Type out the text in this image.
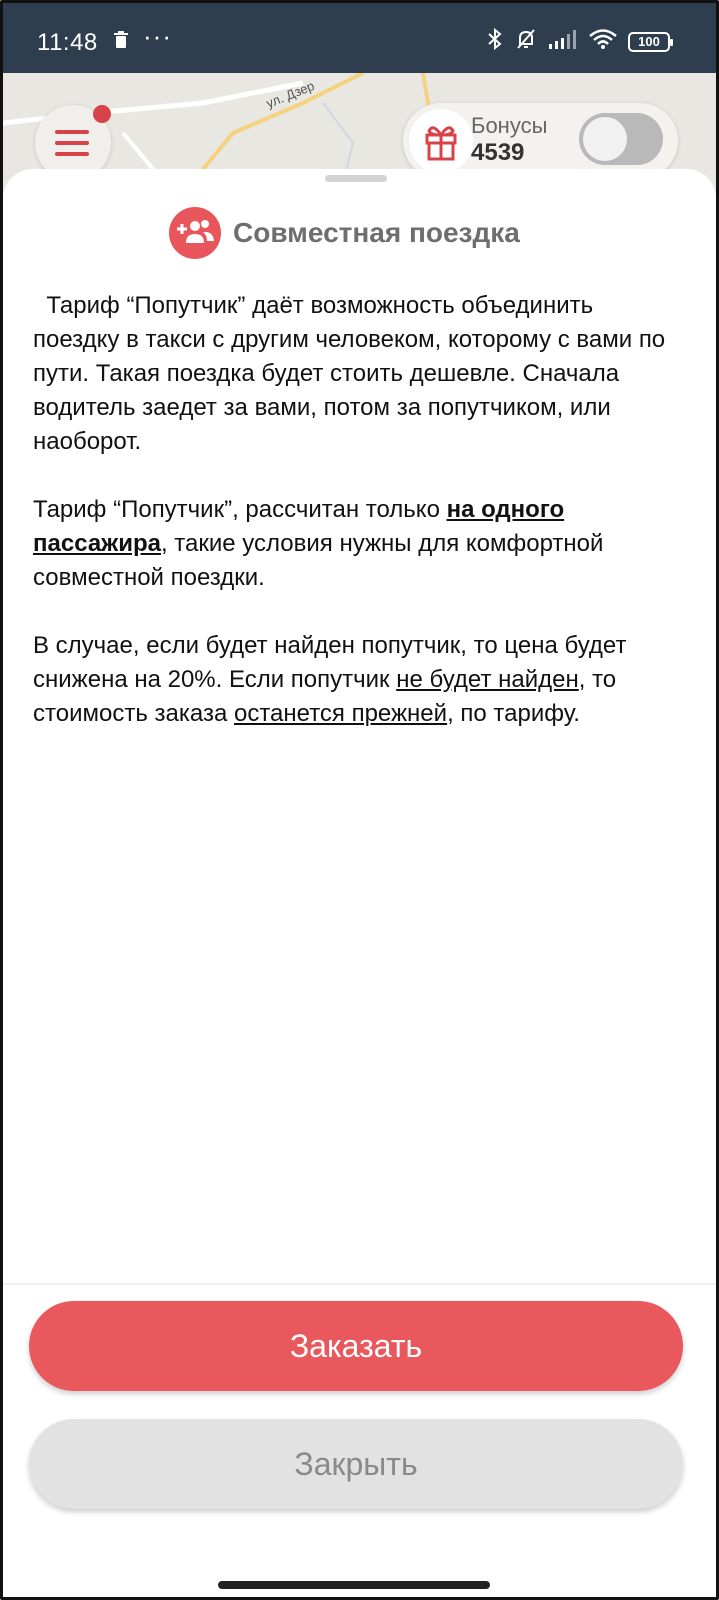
11:48 ···	100
ул. Дзер
Бонусы
4539
Совместная поездка

Тариф “Попутчик” даёт возможность объединить поездку в такси с другим человеком, которому с вами по пути. Такая поездка будет стоить дешевле. Сначала водитель заедет за вами, потом за попутчиком, или наоборот.

Тариф “Попутчик”, рассчитан только на одного пассажира, такие условия нужны для комфортной совместной поездки.

В случае, если будет найден попутчик, то цена будет снижена на 20%. Если попутчик не будет найден, то стоимость заказа останется прежней, по тарифу.

Заказать
Закрыть
